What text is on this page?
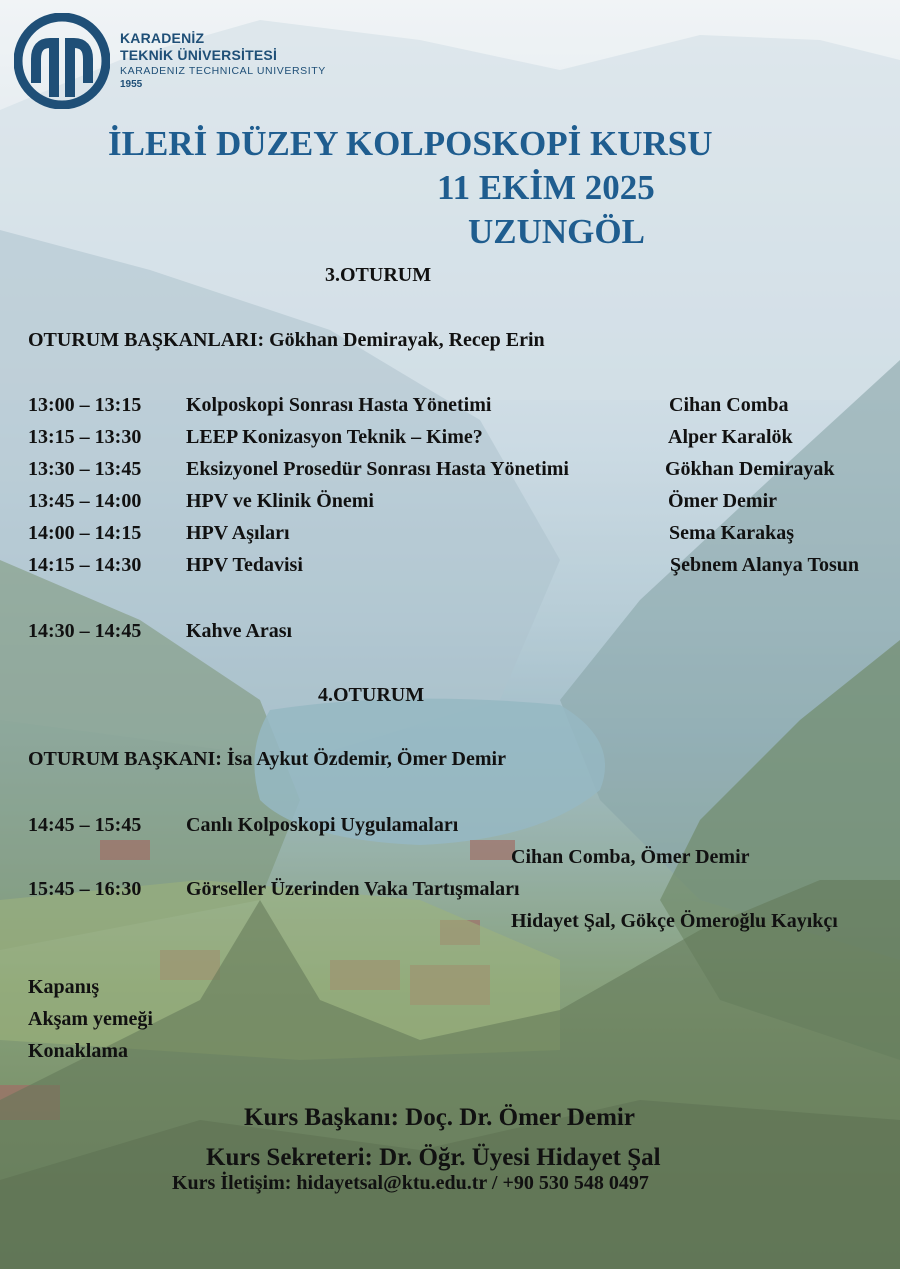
KARADENİZ
TEKNİK ÜNİVERSİTESİ
KARADENIZ TECHNICAL UNIVERSITY
1955
İLERİ DÜZEY KOLPOSKOPİ KURSU
11 EKİM 2025
UZUNGÖL
3.OTURUM
OTURUM BAŞKANLARI: Gökhan Demirayak, Recep Erin
13:00 – 13:15 Kolposkopi Sonrası Hasta Yönetimi	Cihan Comba
13:15 – 13:30 LEEP Konizasyon Teknik – Kime?	Alper Karalök
13:30 – 13:45 Eksizyonel Prosedür Sonrası Hasta Yönetimi	Gökhan Demirayak
13:45 – 14:00 HPV ve Klinik Önemi	Ömer Demir
14:00 – 14:15 HPV Aşıları	Sema Karakaş
14:15 – 14:30 HPV Tedavisi	Şebnem Alanya Tosun
14:30 – 14:45 Kahve Arası
4.OTURUM
OTURUM BAŞKANI: İsa Aykut Özdemir, Ömer Demir
14:45 – 15:45 Canlı Kolposkopi Uygulamaları
Cihan Comba, Ömer Demir
15:45 – 16:30 Görseller Üzerinden Vaka Tartışmaları
Hidayet Şal, Gökçe Ömeroğlu Kayıkçı
Kapanış
Akşam yemeği
Konaklama
Kurs Başkanı: Doç. Dr. Ömer Demir
Kurs Sekreteri: Dr. Öğr. Üyesi Hidayet Şal
Kurs İletişim: hidayetsal@ktu.edu.tr / +90 530 548 0497
